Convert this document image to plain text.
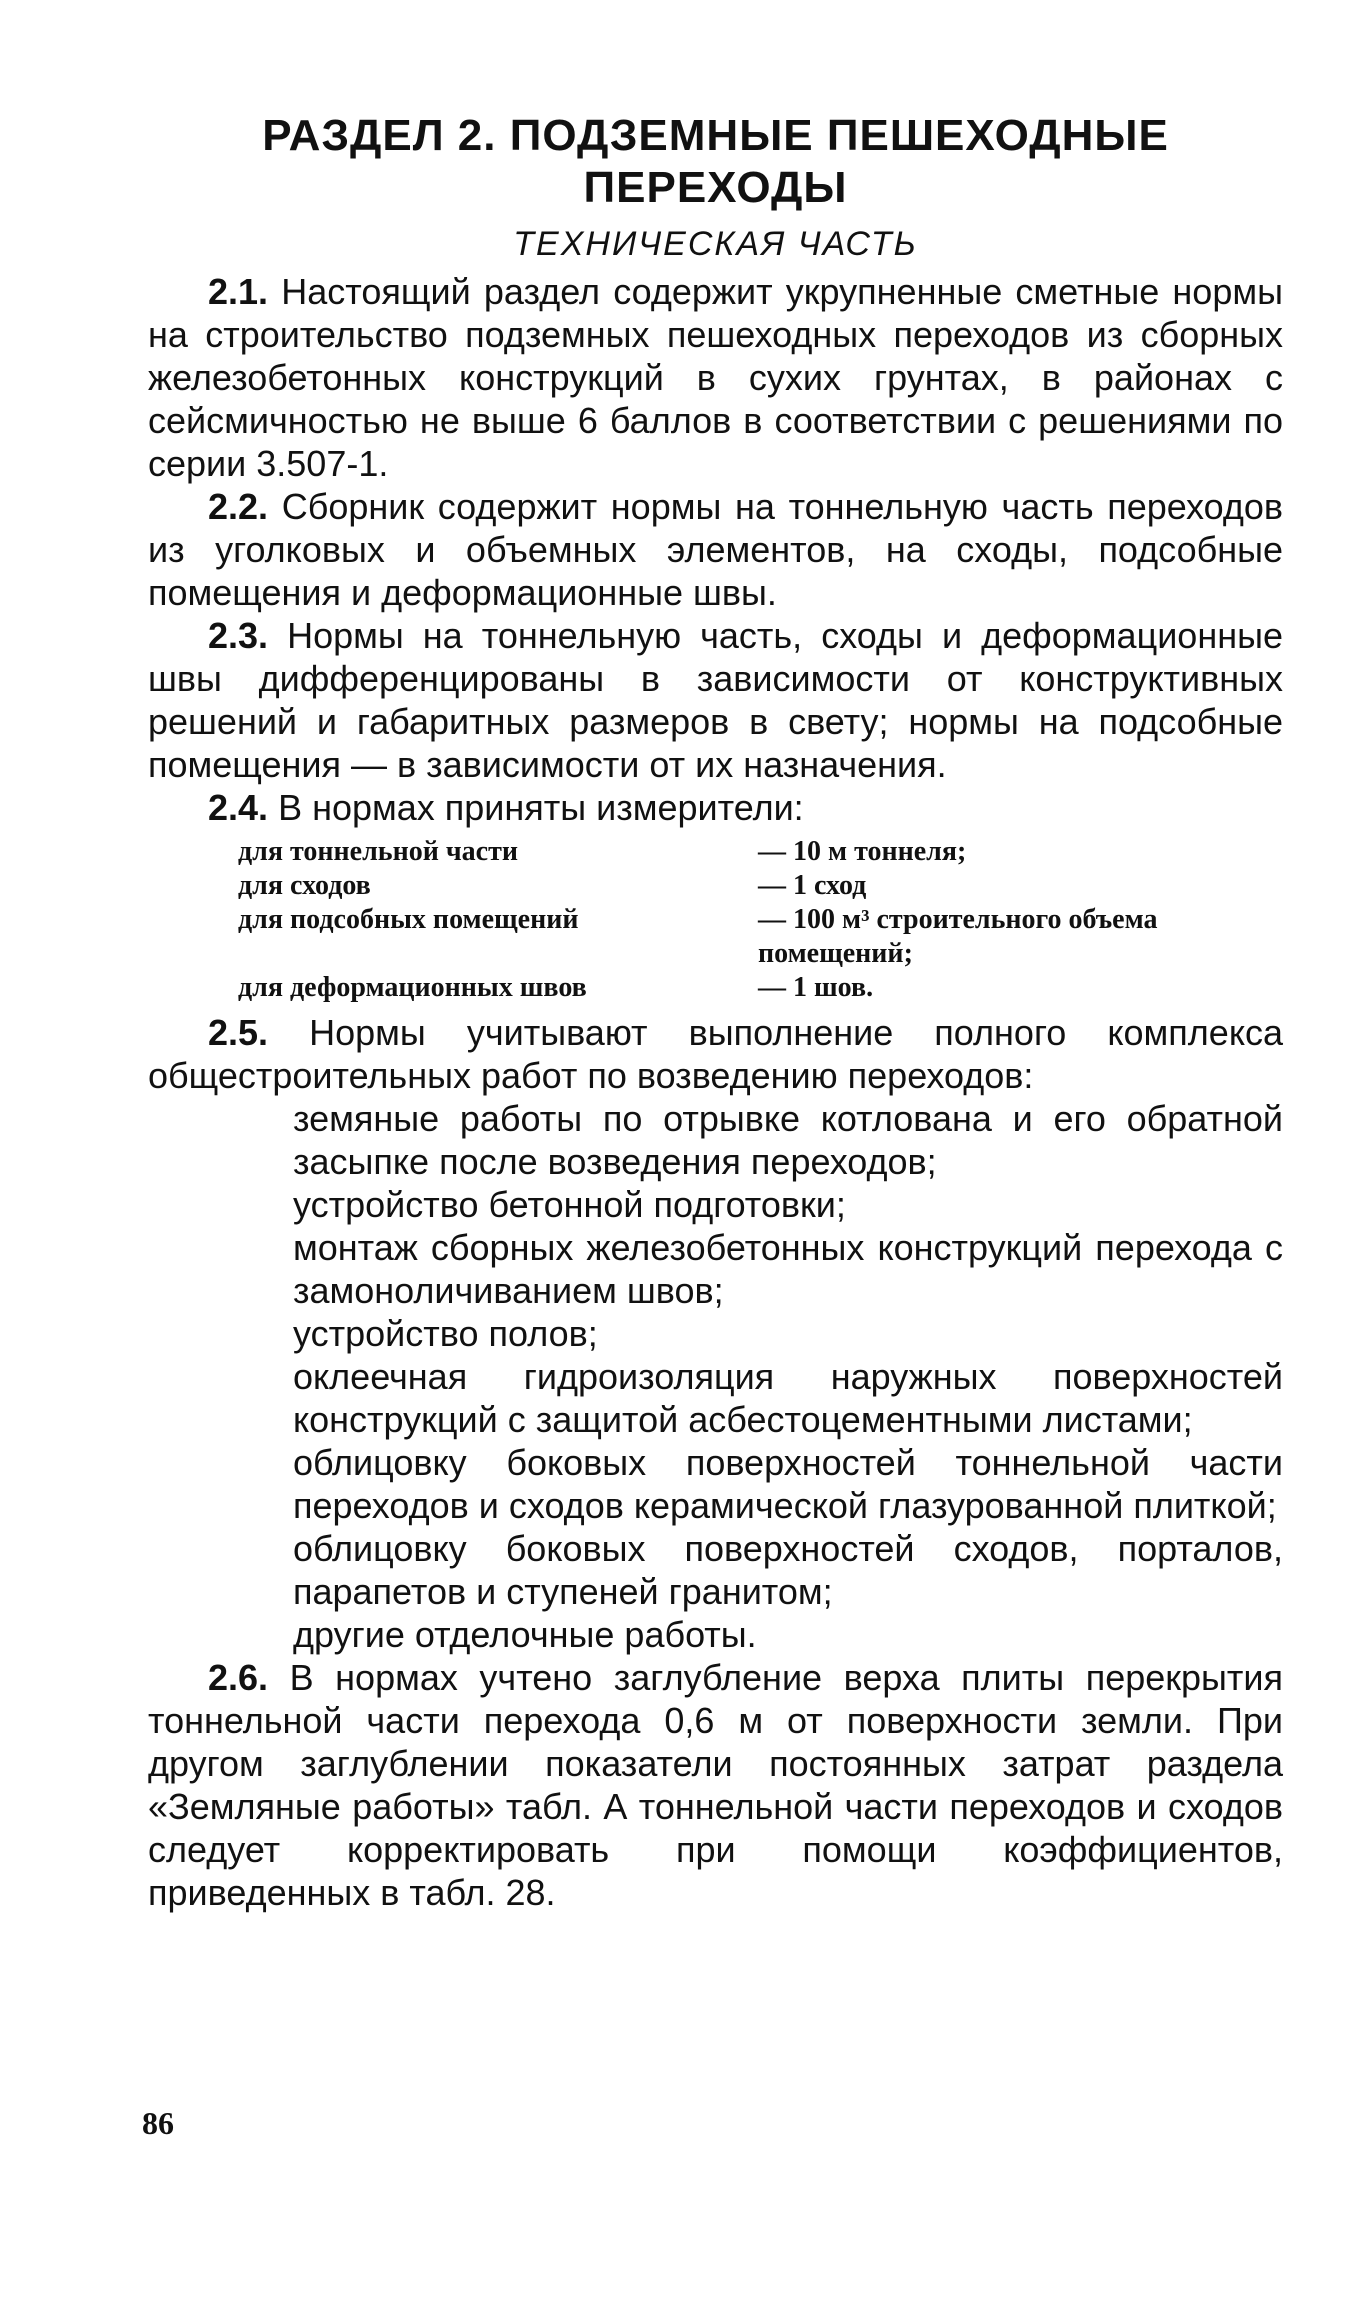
РАЗДЕЛ 2. ПОДЗЕМНЫЕ ПЕШЕХОДНЫЕ ПЕРЕХОДЫ
ТЕХНИЧЕСКАЯ ЧАСТЬ

2.1. Настоящий раздел содержит укрупненные сметные нормы на строительство подземных пешеходных переходов из сборных железобетонных конструкций в сухих грунтах, в районах с сейсмичностью не выше 6 баллов в соответствии с решениями по серии 3.507-1.

2.2. Сборник содержит нормы на тоннельную часть переходов из уголковых и объемных элементов, на сходы, подсобные помещения и деформационные швы.

2.3. Нормы на тоннельную часть, сходы и деформационные швы дифференцированы в зависимости от конструктивных решений и габаритных размеров в свету; нормы на подсобные помещения — в зависимости от их назначения.

2.4. В нормах приняты измерители:

для тоннельной части	— 10 м тоннеля;
для сходов	— 1 сход
для подсобных помещений	— 100 м³ строительного объема помещений;
для деформационных швов	— 1 шов.

2.5. Нормы учитывают выполнение полного комплекса общестроительных работ по возведению переходов:

земяные работы по отрывке котлована и его обратной засыпке после возведения переходов;
устройство бетонной подготовки;
монтаж сборных железобетонных конструкций перехода с замоноличиванием швов;
устройство полов;
оклеечная гидроизоляция наружных поверхностей конструкций с защитой асбестоцементными листами;
облицовку боковых поверхностей тоннельной части переходов и сходов керамической глазурованной плиткой;
облицовку боковых поверхностей сходов, порталов, парапетов и ступеней гранитом;
другие отделочные работы.

2.6. В нормах учтено заглубление верха плиты перекрытия тоннельной части перехода 0,6 м от поверхности земли. При другом заглублении показатели постоянных затрат раздела «Земляные работы» табл. А тоннельной части переходов и сходов следует корректировать при помощи коэффициентов, приведенных в табл. 28.

86
